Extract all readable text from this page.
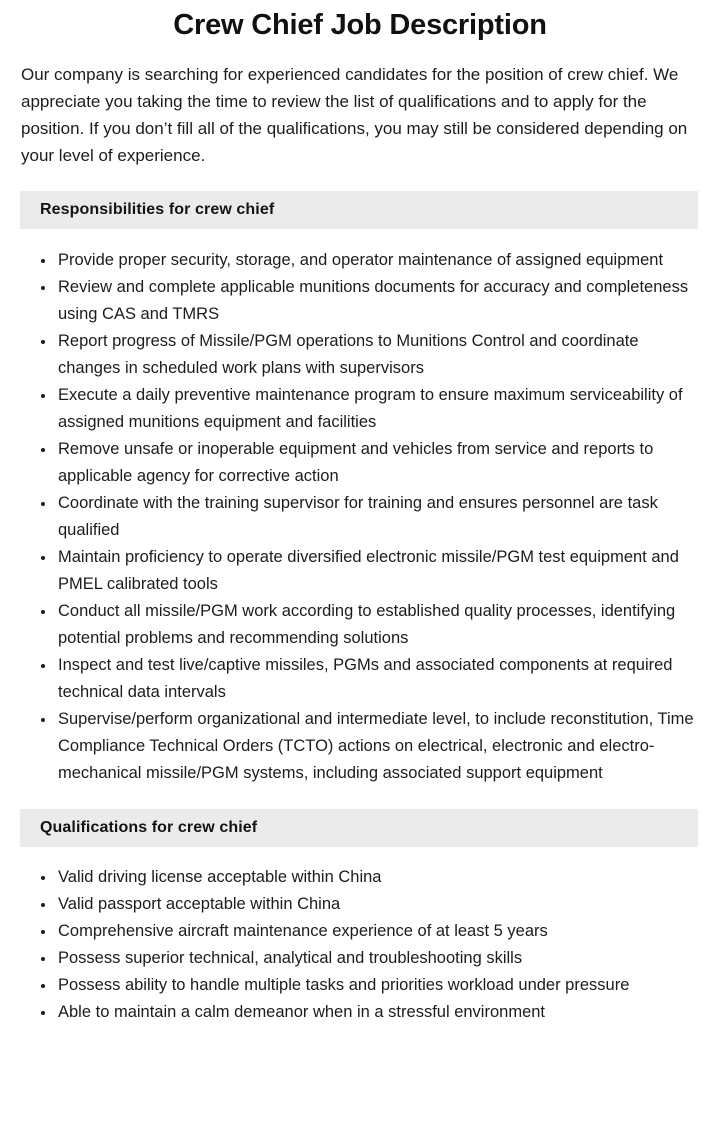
Crew Chief Job Description

Our company is searching for experienced candidates for the position of crew chief. We appreciate you taking the time to review the list of qualifications and to apply for the position. If you don’t fill all of the qualifications, you may still be considered depending on your level of experience.

Responsibilities for crew chief
Provide proper security, storage, and operator maintenance of assigned equipment
Review and complete applicable munitions documents for accuracy and completeness using CAS and TMRS
Report progress of Missile/PGM operations to Munitions Control and coordinate changes in scheduled work plans with supervisors
Execute a daily preventive maintenance program to ensure maximum serviceability of assigned munitions equipment and facilities
Remove unsafe or inoperable equipment and vehicles from service and reports to applicable agency for corrective action
Coordinate with the training supervisor for training and ensures personnel are task qualified
Maintain proficiency to operate diversified electronic missile/PGM test equipment and PMEL calibrated tools
Conduct all missile/PGM work according to established quality processes, identifying potential problems and recommending solutions
Inspect and test live/captive missiles, PGMs and associated components at required technical data intervals
Supervise/perform organizational and intermediate level, to include reconstitution, Time Compliance Technical Orders (TCTO) actions on electrical, electronic and electro-mechanical missile/PGM systems, including associated support equipment
Qualifications for crew chief
Valid driving license acceptable within China
Valid passport acceptable within China
Comprehensive aircraft maintenance experience of at least 5 years
Possess superior technical, analytical and troubleshooting skills
Possess ability to handle multiple tasks and priorities workload under pressure
Able to maintain a calm demeanor when in a stressful environment
